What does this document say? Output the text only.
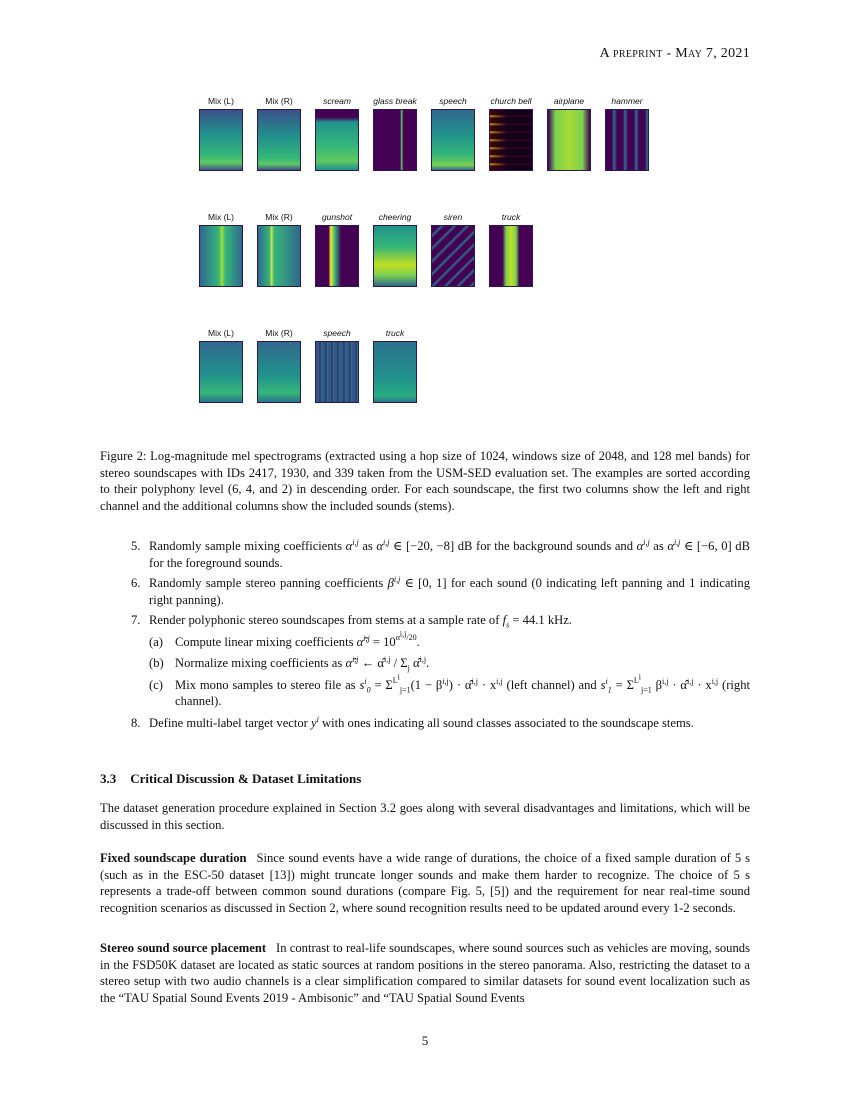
A preprint - May 7, 2021
Mix (L)	Mix (R)	scream	glass break	speech	church bell	airplane	hammer
Mix (L)	Mix (R)	gunshot	cheering	siren	truck
Mix (L)	Mix (R)	speech	truck
Figure 2: Log-magnitude mel spectrograms (extracted using a hop size of 1024, windows size of 2048, and 128 mel bands) for stereo soundscapes with IDs 2417, 1930, and 339 taken from the USM-SED evaluation set. The examples are sorted according to their polyphony level (6, 4, and 2) in descending order. For each soundscape, the first two columns show the left and right channel and the additional columns show the included sounds (stems).
5. Randomly sample mixing coefficients $\alpha^{i,j}$ as $\alpha^{i,j}$ ∈ [−20, −8] dB for the background sounds and $\alpha^{i,j}$ as $\alpha^{i,j}$ ∈ [−6, 0] dB for the foreground sounds.
6. Randomly sample stereo panning coefficients $\beta^{i,j}$ ∈ [0, 1] for each sound (0 indicating left panning and 1 indicating right panning).
7. Render polyphonic stereo soundscapes from stems at a sample rate of $f_s = 44.1$ kHz.
(a) Compute linear mixing coefficients α̂$^{i,j}$ = $10^{\alpha^{i,j}/20}$.
(b) Normalize mixing coefficients as α̂$^{i,j}$ ← α̂$^{i,j}$ / $\Sigma_j$ α̂$^{i,j}$.
(c) Mix mono samples to stereo file as $s^i_0 = \Sigma^{L^i}_{j=1}(1 - \beta^{i,j})$ · α̂$^{i,j}$ · $x^{i,j}$ (left channel) and $s^i_1 = \Sigma^{L^i}_{j=1}$ $\beta^{i,j}$ · α̂$^{i,j}$ · $x^{i,j}$ (right channel).
8. Define multi-label target vector $y^i$ with ones indicating all sound classes associated to the soundscape stems.
3.3 Critical Discussion & Dataset Limitations
The dataset generation procedure explained in Section 3.2 goes along with several disadvantages and limitations, which will be discussed in this section.
Fixed soundscape duration Since sound events have a wide range of durations, the choice of a fixed sample duration of 5 s (such as in the ESC-50 dataset [13]) might truncate longer sounds and make them harder to recognize. The choice of 5 s represents a trade-off between common sound durations (compare Fig. 5, [5]) and the requirement for near real-time sound recognition scenarios as discussed in Section 2, where sound recognition results need to be updated around every 1-2 seconds.
Stereo sound source placement In contrast to real-life soundscapes, where sound sources such as vehicles are moving, sounds in the FSD50K dataset are located as static sources at random positions in the stereo panorama. Also, restricting the dataset to a stereo setup with two audio channels is a clear simplification compared to similar datasets for sound event localization such as the “TAU Spatial Sound Events 2019 - Ambisonic” and “TAU Spatial Sound Events
5
